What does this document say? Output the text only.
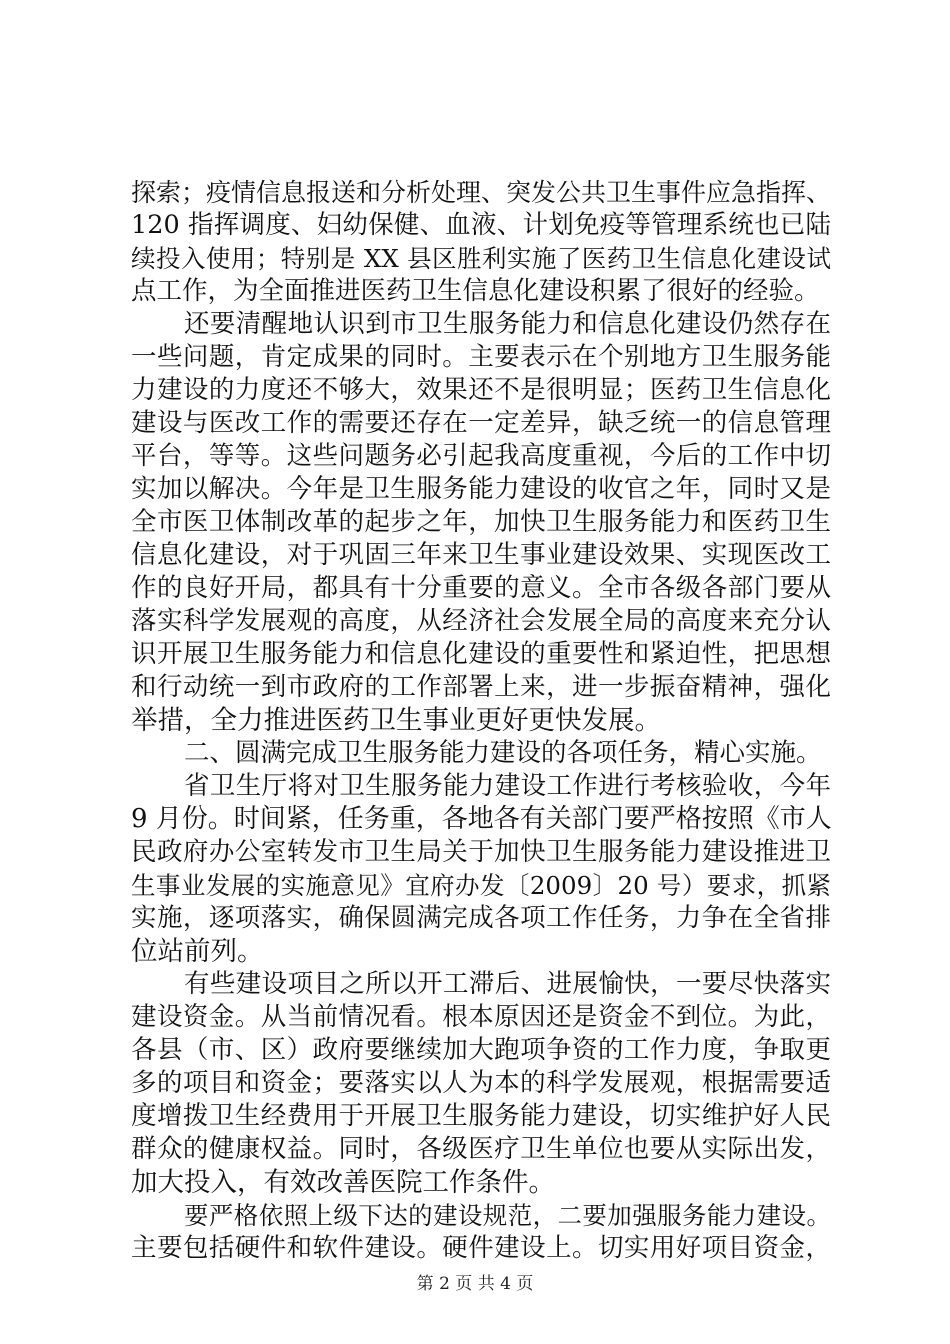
探索；疫情信息报送和分析处理、突发公共卫生事件应急指挥、
120 指挥调度、妇幼保健、血液、计划免疫等管理系统也已陆
续投入使用；特别是 XX 县区胜利实施了医药卫生信息化建设试
点工作，为全面推进医药卫生信息化建设积累了很好的经验。
还要清醒地认识到市卫生服务能力和信息化建设仍然存在
一些问题，肯定成果的同时。主要表示在个别地方卫生服务能
力建设的力度还不够大，效果还不是很明显；医药卫生信息化
建设与医改工作的需要还存在一定差异，缺乏统一的信息管理
平台，等等。这些问题务必引起我高度重视，今后的工作中切
实加以解决。今年是卫生服务能力建设的收官之年，同时又是
全市医卫体制改革的起步之年，加快卫生服务能力和医药卫生
信息化建设，对于巩固三年来卫生事业建设效果、实现医改工
作的良好开局，都具有十分重要的意义。全市各级各部门要从
落实科学发展观的高度，从经济社会发展全局的高度来充分认
识开展卫生服务能力和信息化建设的重要性和紧迫性，把思想
和行动统一到市政府的工作部署上来，进一步振奋精神，强化
举措，全力推进医药卫生事业更好更快发展。
二、圆满完成卫生服务能力建设的各项任务，精心实施。
省卫生厅将对卫生服务能力建设工作进行考核验收，今年
9 月份。时间紧，任务重，各地各有关部门要严格按照《市人
民政府办公室转发市卫生局关于加快卫生服务能力建设推进卫
生事业发展的实施意见》宜府办发〔2009〕20 号）要求，抓紧
实施，逐项落实，确保圆满完成各项工作任务，力争在全省排
位站前列。
有些建设项目之所以开工滞后、进展愉快，一要尽快落实
建设资金。从当前情况看。根本原因还是资金不到位。为此，
各县（市、区）政府要继续加大跑项争资的工作力度，争取更
多的项目和资金；要落实以人为本的科学发展观，根据需要适
度增拨卫生经费用于开展卫生服务能力建设，切实维护好人民
群众的健康权益。同时，各级医疗卫生单位也要从实际出发，
加大投入，有效改善医院工作条件。
要严格依照上级下达的建设规范，二要加强服务能力建设。
主要包括硬件和软件建设。硬件建设上。切实用好项目资金，
第 2 页 共 4 页
